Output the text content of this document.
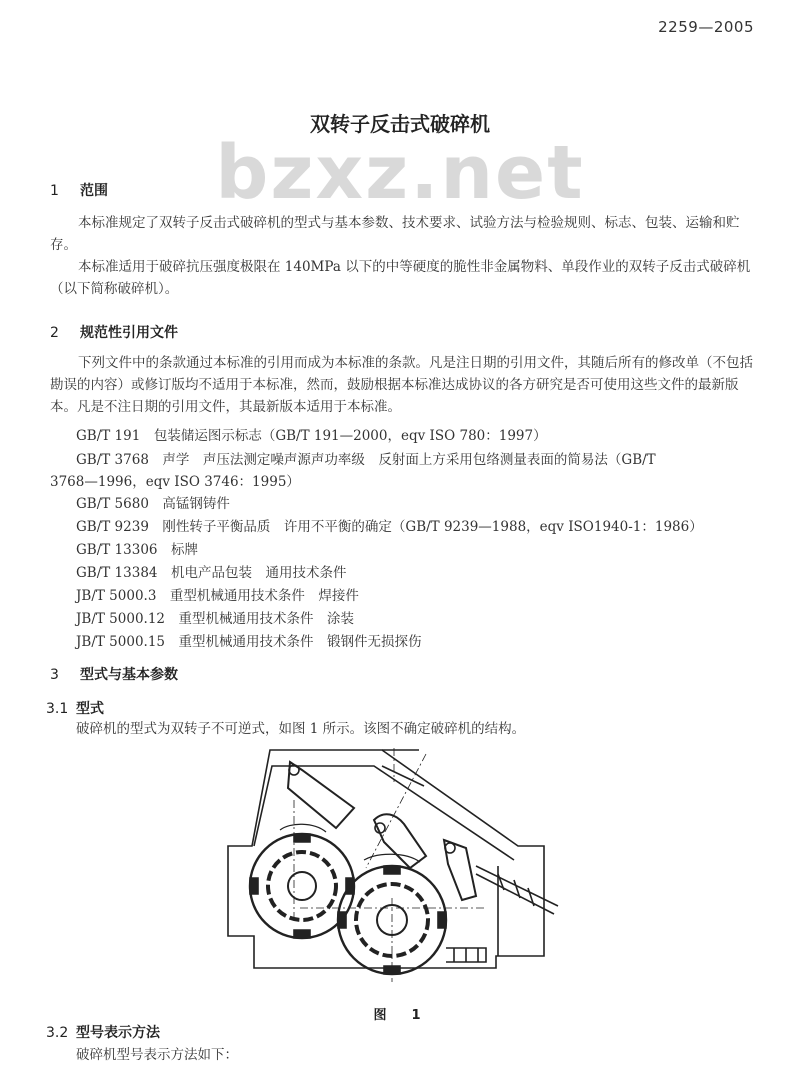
2259—2005
bzxz.net
双转子反击式破碎机
1 范围

本标准规定了双转子反击式破碎机的型式与基本参数、技术要求、试验方法与检验规则、标志、包装、运输和贮存。

本标准适用于破碎抗压强度极限在 140MPa 以下的中等硬度的脆性非金属物料、单段作业的双转子反击式破碎机（以下简称破碎机）。

2 规范性引用文件

下列文件中的条款通过本标准的引用而成为本标准的条款。凡是注日期的引用文件，其随后所有的修改单（不包括勘误的内容）或修订版均不适用于本标准，然而，鼓励根据本标准达成协议的各方研究是否可使用这些文件的最新版本。凡是不注日期的引用文件，其最新版本适用于本标准。

GB/T 191　包装储运图示标志（GB/T 191—2000，eqv ISO 780：1997）
GB/T 3768　声学　声压法测定噪声源声功率级　反射面上方采用包络测量表面的简易法（GB/T
3768—1996，eqv ISO 3746：1995）
GB/T 5680　高锰钢铸件
GB/T 9239　刚性转子平衡品质　许用不平衡的确定（GB/T 9239—1988，eqv ISO1940-1：1986）
GB/T 13306　标牌
GB/T 13384　机电产品包装　通用技术条件
JB/T 5000.3　重型机械通用技术条件　焊接件
JB/T 5000.12　重型机械通用技术条件　涂装
JB/T 5000.15　重型机械通用技术条件　锻钢件无损探伤
3 型式与基本参数
3.1 型式

破碎机的型式为双转子不可逆式，如图 1 所示。该图不确定破碎机的结构。

图　1
3.2 型号表示方法

破碎机型号表示方法如下：
